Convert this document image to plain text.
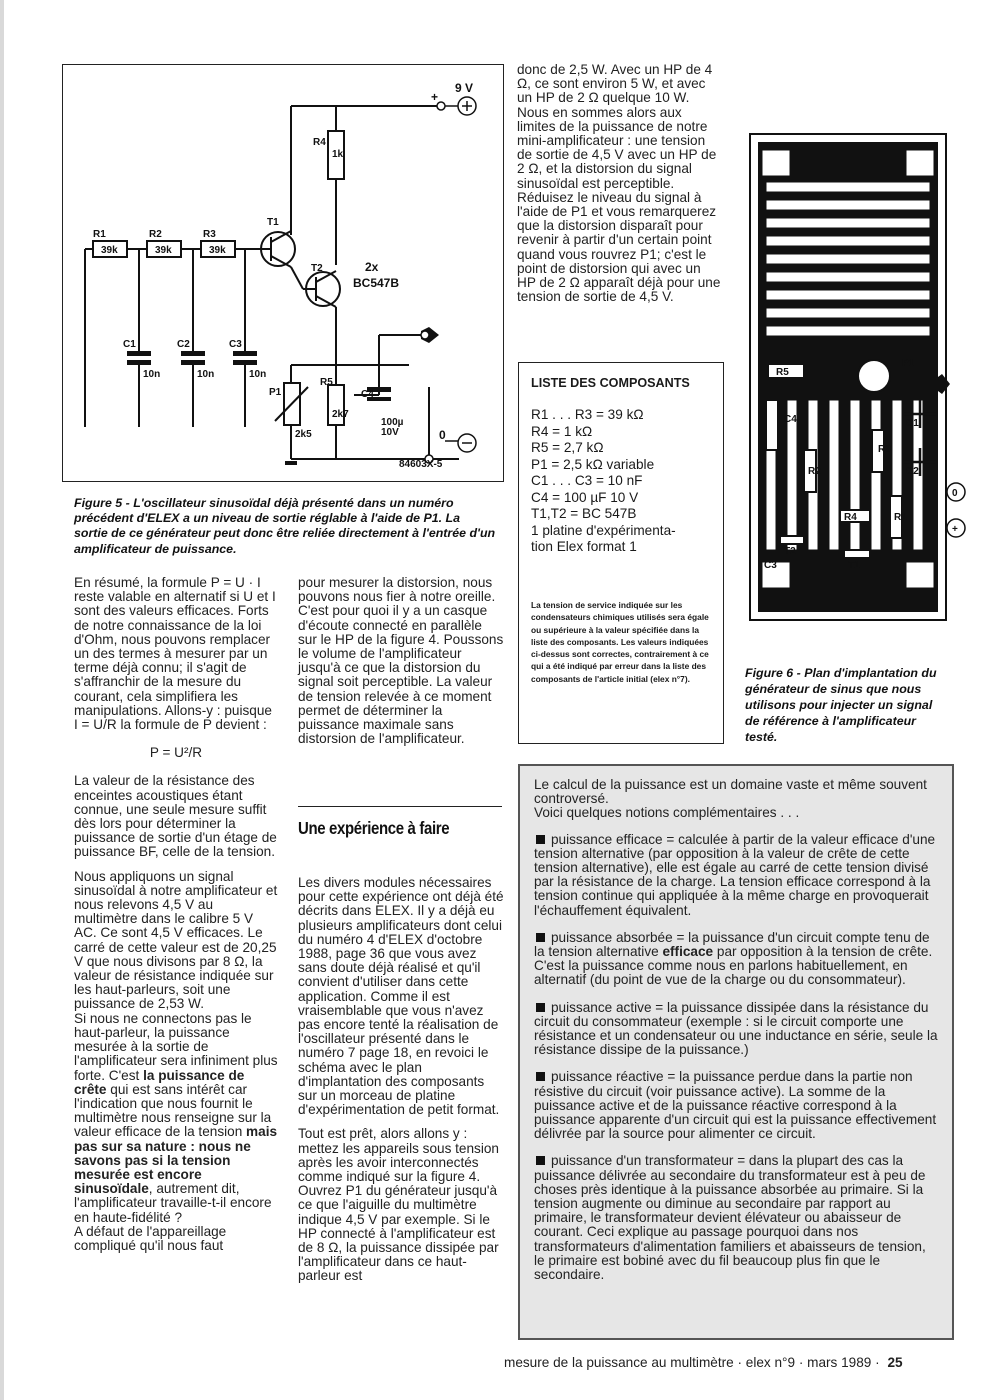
9 V
+
R4
1k
R1
39k
R2
39k
R3
39k
T1
T2	2x
BC547B
C1	C2	C3
10n	10n	10n
R5
2k7
C4
100µ
10V
P1
2k5	0
84603X-5
Figure 5 - L'oscillateur sinusoïdal déjà présenté dans un numéro précédent d'ELEX a un niveau de sortie réglable à l'aide de P1. La sortie de ce générateur peut donc être reliée directement à l'entrée d'un amplificateur de puissance.

En résumé, la formule P = U · I reste valable en alternatif si U et I sont des valeurs efficaces. Forts de notre connaissance de la loi d'Ohm, nous pouvons remplacer un des termes à mesurer par un terme déjà connu; il s'agit de s'affranchir de la mesure du courant, cela simplifiera les manipulations. Allons-y : puisque I = U/R la formule de P devient :

P = U²/R

La valeur de la résistance des enceintes acoustiques étant connue, une seule mesure suffit dès lors pour déterminer la puissance de sortie d'un étage de puissance BF, celle de la tension.

Nous appliquons un signal sinusoïdal à notre amplificateur et nous relevons 4,5 V au multimètre dans le calibre 5 V AC. Ce sont 4,5 V efficaces. Le carré de cette valeur est de 20,25 V que nous divisons par 8 Ω, la valeur de résistance indiquée sur les haut-parleurs, soit une puissance de 2,53 W.

Si nous ne connectons pas le haut-parleur, la puissance mesurée à la sortie de l'amplificateur sera infiniment plus forte. C'est la puissance de crête qui est sans intérêt car l'indication que nous fournit le multimètre nous renseigne sur la valeur efficace de la tension mais pas sur sa nature : nous ne savons pas si la tension mesurée est encore sinusoïdale, autrement dit, l'amplificateur travaille-t-il encore en haute-fidélité ?

A défaut de l'appareillage compliqué qu'il nous faut

pour mesurer la distorsion, nous pouvons nous fier à notre oreille. C'est pour quoi il y a un casque d'écoute connecté en parallèle sur le HP de la figure 4. Poussons le volume de l'amplificateur jusqu'à ce que la distorsion du signal soit perceptible. La valeur de tension relevée à ce moment permet de déterminer la puissance maximale sans distorsion de l'amplificateur.

Une expérience à faire

Les divers modules nécessaires pour cette expérience ont déjà été décrits dans ELEX. Il y a déjà eu plusieurs amplificateurs dont celui du numéro 4 d'ELEX d'octobre 1988, page 36 que vous avez sans doute déjà réalisé et qu'il convient d'utiliser dans cette application. Comme il est vraisemblable que vous n'avez pas encore tenté la réalisation de l'oscillateur présenté dans le numéro 7 page 18, en revoici le schéma avec le plan d'implantation des composants sur un morceau de platine d'expérimentation de petit format.

Tout est prêt, alors allons y : mettez les appareils sous tension après les avoir interconnectés comme indiqué sur la figure 4. Ouvrez P1 du générateur jusqu'à ce que l'aiguille du multimètre indique 4,5 V par exemple. Si le HP connecté à l'amplificateur est de 8 Ω, la puissance dissipée par l'amplificateur dans ce haut-parleur est

donc de 2,5 W. Avec un HP de 4 Ω, ce sont environ 5 W, et avec un HP de 2 Ω quelque 10 W. Nous en sommes alors aux limites de la puissance de notre mini-amplificateur : une tension de sortie de 4,5 V avec un HP de 2 Ω, et la distorsion du signal sinusoïdal est perceptible. Réduisez le niveau du signal à l'aide de P1 et vous remarquerez que la distorsion disparaît pour revenir à partir d'un certain point quand vous rouvrez P1; c'est le point de distorsion qui avec un HP de 2 Ω apparaît déjà pour une tension de sortie de 4,5 V.

LISTE DES COMPOSANTS
R1 . . . R3 = 39 kΩ
R4 = 1 kΩ
R5 = 2,7 kΩ
P1 = 2,5 kΩ variable
C1 . . . C3 = 10 nF
C4 = 100 µF 10 V
T1,T2 = BC 547B
1 platine d'expérimenta-
tion Elex format 1
La tension de service indiquée sur les condensateurs chimiques utilisés sera égale ou supérieure à la valeur spécifiée dans la liste des composants. Les valeurs indiquées ci-dessus sont correctes, contrairement à ce qui a été indiqué par erreur dans la liste des composants de l'article initial (elex n°7).
R5
P1
C4
R3
C1
C2
R2
R1
R4
T2
T1
C3
0
+
Figure 6 - Plan d'implantation du générateur de sinus que nous utilisons pour injecter un signal de référence à l'amplificateur testé.

Le calcul de la puissance est un domaine vaste et même souvent controversé.

Voici quelques notions complémentaires . . .

puissance efficace = calculée à partir de la valeur efficace d'une tension alternative (par opposition à la valeur de crête de cette tension alternative), elle est égale au carré de cette tension divisé par la résistance de la charge. La tension efficace correspond à la tension continue qui appliquée à la même charge en provoquerait l'échauffement équivalent.

puissance absorbée = la puissance d'un circuit compte tenu de la tension alternative efficace par opposition à la tension de crête. C'est la puissance comme nous en parlons habituellement, en alternatif (du point de vue de la charge ou du consommateur).

puissance active = la puissance dissipée dans la résistance du circuit du consommateur (exemple : si le circuit comporte une résistance et un condensateur ou une inductance en série, seule la résistance dissipe de la puissance.)

puissance réactive = la puissance perdue dans la partie non résistive du circuit (voir puissance active). La somme de la puissance active et de la puissance réactive correspond à la puissance apparente d'un circuit qui est la puissance effectivement délivrée par la source pour alimenter ce circuit.

puissance d'un transformateur = dans la plupart des cas la puissance délivrée au secondaire du transformateur est à peu de choses près identique à la puissance absorbée au primaire. Si la tension augmente ou diminue au secondaire par rapport au primaire, le transformateur devient élévateur ou abaisseur de courant. Ceci explique au passage pourquoi dans nos transformateurs d'alimentation familiers et abaisseurs de tension, le primaire est bobiné avec du fil beaucoup plus fin que le secondaire.

mesure de la puissance au multimètre · elex n°9 · mars 1989 · 25
